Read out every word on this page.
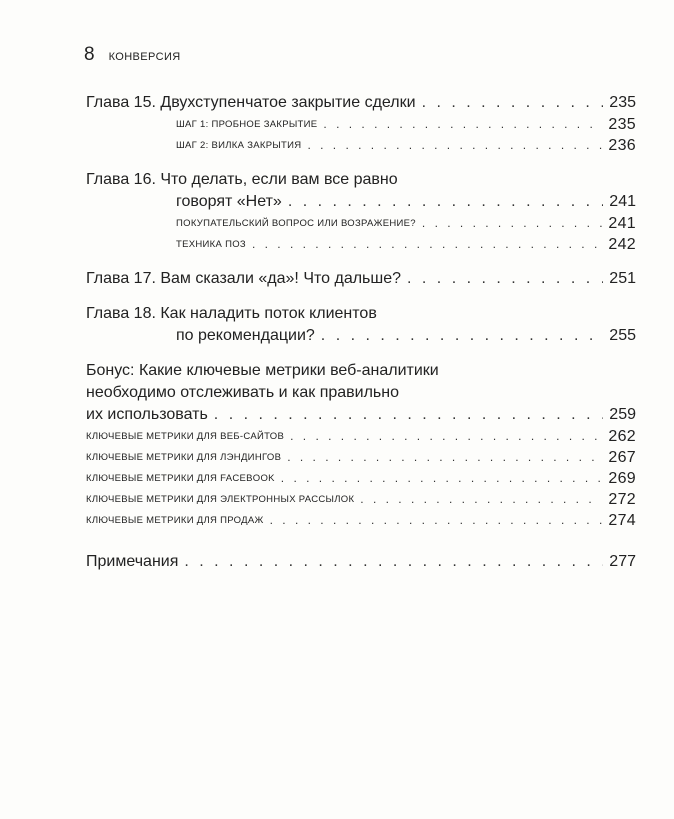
8 КОНВЕРСИЯ
Глава 15. Двухступенчатое закрытие сделки . . .	235
ШАГ 1: ПРОБНОЕ ЗАКРЫТИЕ . . .	235
ШАГ 2: ВИЛКА ЗАКРЫТИЯ . . .	236
Глава 16. Что делать, если вам все равно
говорят «Нет» . . .	241
ПОКУПАТЕЛЬСКИЙ ВОПРОС ИЛИ ВОЗРАЖЕНИЕ? . . .	241
ТЕХНИКА ПОЗ . . .	242
Глава 17. Вам сказали «да»! Что дальше? . . .	251
Глава 18. Как наладить поток клиентов
по рекомендации? . . .	255
Бонус: Какие ключевые метрики веб-аналитики
необходимо отслеживать и как правильно
их использовать . . .	259
КЛЮЧЕВЫЕ МЕТРИКИ ДЛЯ ВЕБ-САЙТОВ . . .	262
КЛЮЧЕВЫЕ МЕТРИКИ ДЛЯ ЛЭНДИНГОВ . . .	267
КЛЮЧЕВЫЕ МЕТРИКИ ДЛЯ FACEBOOK . . .	269
КЛЮЧЕВЫЕ МЕТРИКИ ДЛЯ ЭЛЕКТРОННЫХ РАССЫЛОК . . .	272
КЛЮЧЕВЫЕ МЕТРИКИ ДЛЯ ПРОДАЖ . . .	274
Примечания . . .	277
